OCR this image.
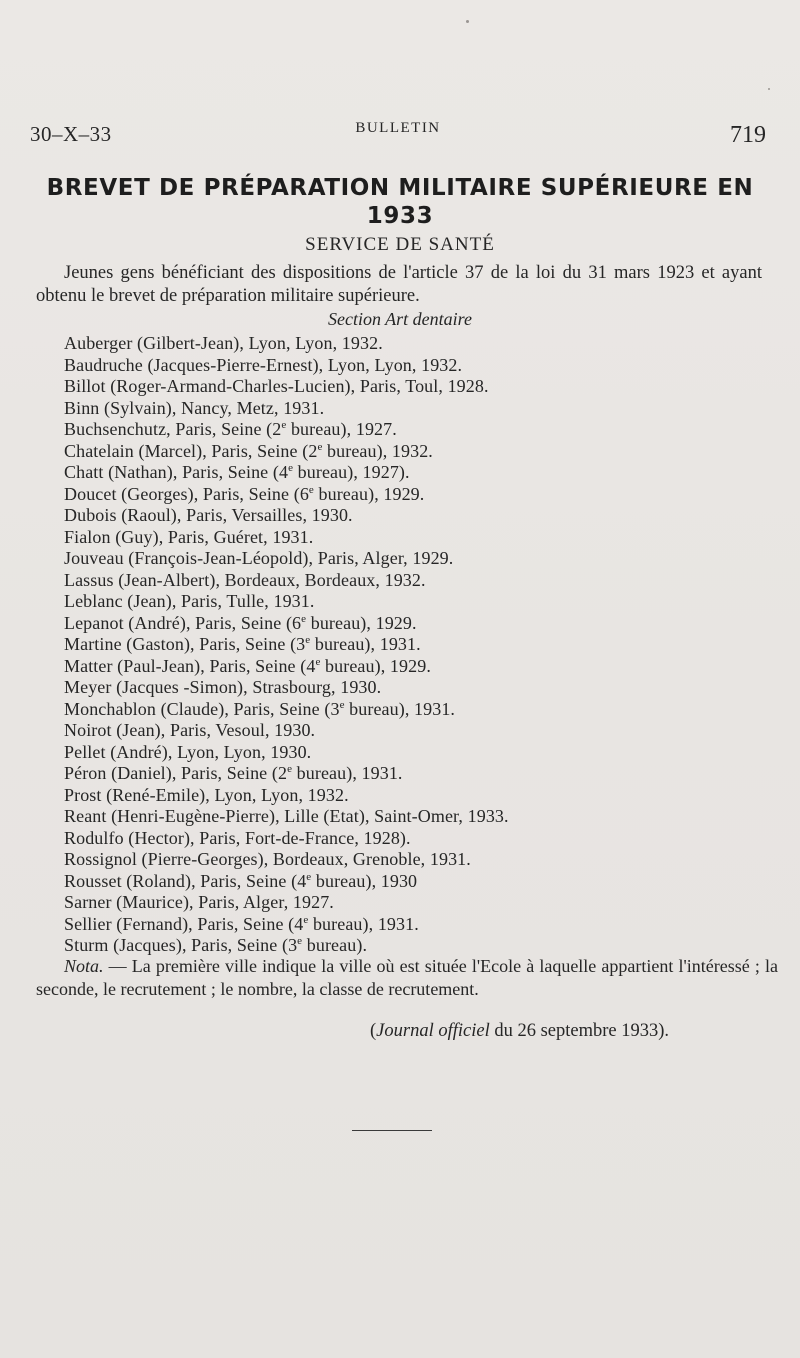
30–X–33	BULLETIN	719
BREVET DE PRÉPARATION MILITAIRE SUPÉRIEURE EN 1933
SERVICE DE SANTÉ
Jeunes gens bénéficiant des dispositions de l'article 37 de la loi du 31 mars 1923 et ayant obtenu le brevet de préparation militaire supérieure.
Section Art dentaire
Auberger (Gilbert-Jean), Lyon, Lyon, 1932.
Baudruche (Jacques-Pierre-Ernest), Lyon, Lyon, 1932.
Billot (Roger-Armand-Charles-Lucien), Paris, Toul, 1928.
Binn (Sylvain), Nancy, Metz, 1931.
Buchsenchutz, Paris, Seine (2e bureau), 1927.
Chatelain (Marcel), Paris, Seine (2e bureau), 1932.
Chatt (Nathan), Paris, Seine (4e bureau), 1927).
Doucet (Georges), Paris, Seine (6e bureau), 1929.
Dubois (Raoul), Paris, Versailles, 1930.
Fialon (Guy), Paris, Guéret, 1931.
Jouveau (François-Jean-Léopold), Paris, Alger, 1929.
Lassus (Jean-Albert), Bordeaux, Bordeaux, 1932.
Leblanc (Jean), Paris, Tulle, 1931.
Lepanot (André), Paris, Seine (6e bureau), 1929.
Martine (Gaston), Paris, Seine (3e bureau), 1931.
Matter (Paul-Jean), Paris, Seine (4e bureau), 1929.
Meyer (Jacques -Simon), Strasbourg, 1930.
Monchablon (Claude), Paris, Seine (3e bureau), 1931.
Noirot (Jean), Paris, Vesoul, 1930.
Pellet (André), Lyon, Lyon, 1930.
Péron (Daniel), Paris, Seine (2e bureau), 1931.
Prost (René-Emile), Lyon, Lyon, 1932.
Reant (Henri-Eugène-Pierre), Lille (Etat), Saint-Omer, 1933.
Rodulfo (Hector), Paris, Fort-de-France, 1928).
Rossignol (Pierre-Georges), Bordeaux, Grenoble, 1931.
Rousset (Roland), Paris, Seine (4e bureau), 1930
Sarner (Maurice), Paris, Alger, 1927.
Sellier (Fernand), Paris, Seine (4e bureau), 1931.
Sturm (Jacques), Paris, Seine (3e bureau).
Nota. — La première ville indique la ville où est située l'Ecole à laquelle appartient l'intéressé ; la seconde, le recrutement ; le nombre, la classe de recrutement.
(Journal officiel du 26 septembre 1933).
